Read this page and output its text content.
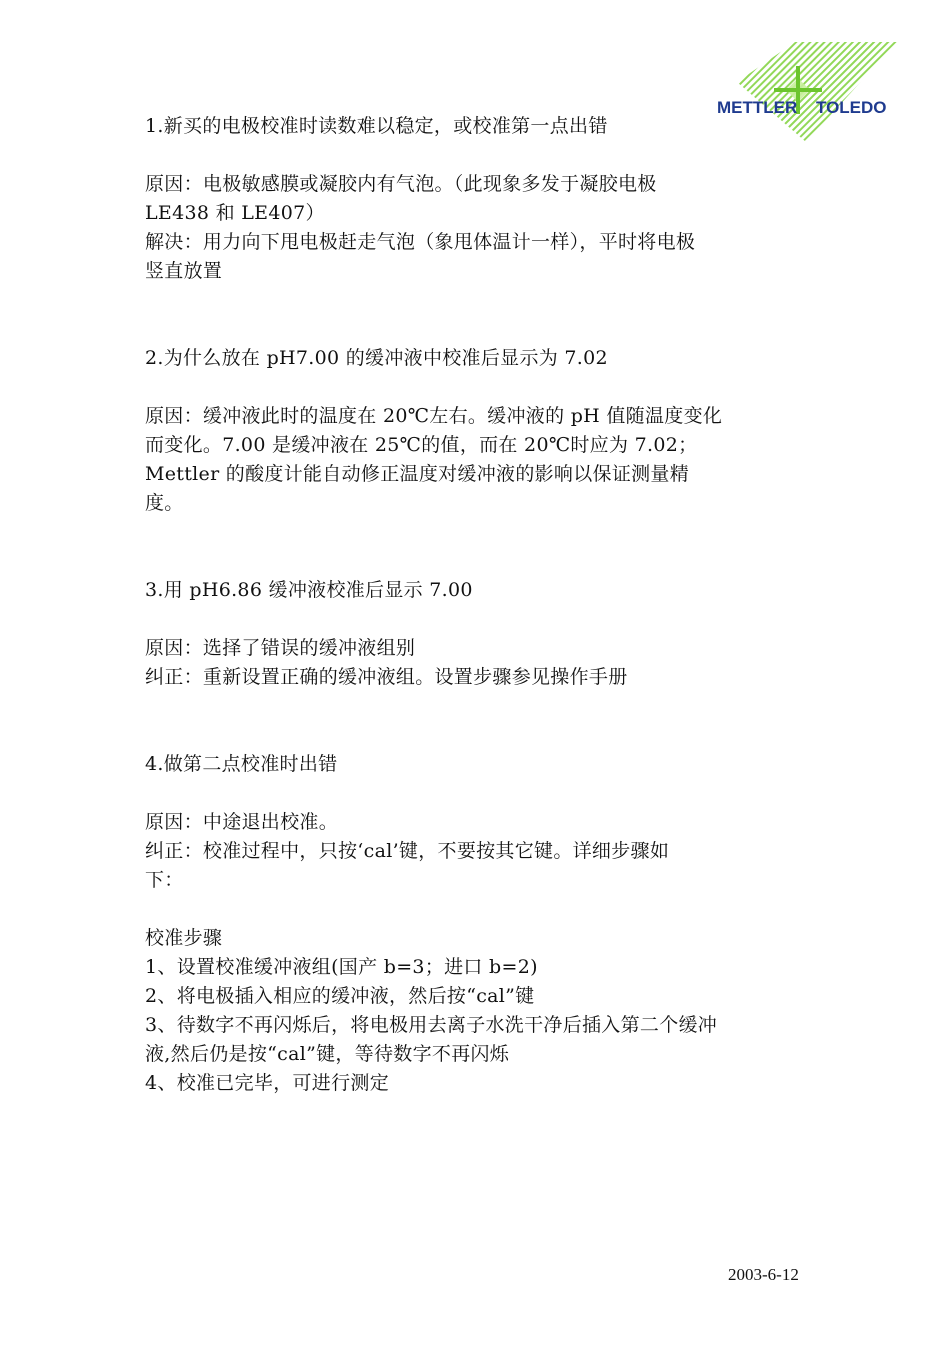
METTLER TOLEDO

1.新买的电极校准时读数难以稳定，或校准第一点出错

原因：电极敏感膜或凝胶内有气泡。（此现象多发于凝胶电极

LE438 和 LE407）

解决：用力向下甩电极赶走气泡（象甩体温计一样），平时将电极

竖直放置

2.为什么放在 pH7.00 的缓冲液中校准后显示为 7.02

原因：缓冲液此时的温度在 20℃左右。缓冲液的 pH 值随温度变化

而变化。7.00 是缓冲液在 25℃的值，而在 20℃时应为 7.02；

Mettler 的酸度计能自动修正温度对缓冲液的影响以保证测量精

度。

3.用 pH6.86 缓冲液校准后显示 7.00

原因：选择了错误的缓冲液组别

纠正：重新设置正确的缓冲液组。设置步骤参见操作手册

4.做第二点校准时出错

原因：中途退出校准。

纠正：校准过程中，只按‘cal’键，不要按其它键。详细步骤如

下：

校准步骤

1、设置校准缓冲液组(国产 b=3；进口 b=2)

2、将电极插入相应的缓冲液，然后按“cal”键

3、待数字不再闪烁后，将电极用去离子水洗干净后插入第二个缓冲

液,然后仍是按“cal”键，等待数字不再闪烁

4、校准已完毕，可进行测定

2003-6-12
